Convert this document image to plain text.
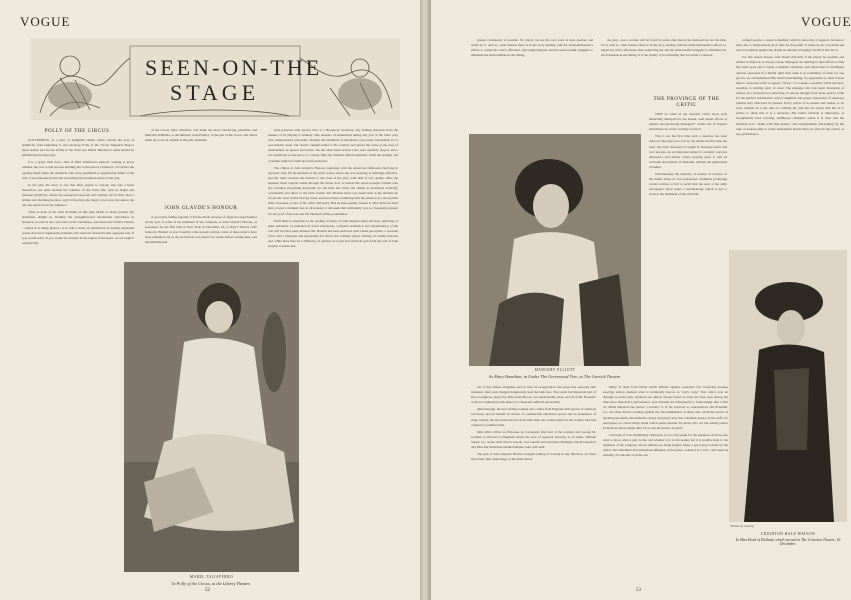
VOGUE
SEEN-ON-THE
STAGE
POLLY OF THE CIRCUS

CLEVERNESS, in a play of delightful charm which sounds the note of simplicity from beginning to end envelops Polly of the Circus, Margaret Mayo's latest drama, and for her ability in the chief role Mabel Taliaferro's name should be emblazoned in large type.

It is a pretty little story—that of Miss Taliaferro's ethereal, waiting to know whether she was to win success entitling her to the honors conferred—for before the opening night when the theatrical clan were assembled to applaud the début of the best, it was announced that she was among the foremost artists of the year.

In the play the story is one that must appeal to anyone who has a heart theretofore not quite resisted the romance of the circus life, with its bright and pleasing simplicity, where the unexpected prevails and nothing can be finer than a simple and charming heroine, a girl of the ring who longs to be loved, devoted to the one she selects from the audience.

There is none of the twist in theme in this play which so many present day dramatists delight in. Nothing but straightforward wholesome naturalness in situation, as well as tale, and when at the conclusion, one leaves the Liberty Theatre—where it is being played—it is with a sense of satisfaction in having witnessed scenes devoid of unpleasant problems and observed characters that appeared real. If you would relax; if you would be warmed in the region of the heart, do not neglect seeing Polly

of the Circus. Miss Taliaferro will make the most convincing, plausible, and Malcolm Williams, as the minister, John Findley, in the part of the clown, and others make up a cast as capable as the play demands.

JOHN GLAYDE'S HONOUR

A good play failing squarely to hit the mark, because of neglected opportunities on the part of some of the members of the company, is John Glayde's Honour, as presented, for the first time in New York on December 24, at Daly's Theatre, with James K. Hackett as star. Possibly at the present writing, some of these defects have been remedied; but as the production was played for weeks before coming here, and undoubtedly had

been prepared with special view to a Broadway reception, any striking deviation from the manner of its playing is unlikely. One measure of enthusiasm during any part of the Sutro play was conspicuously noticeable. Perhaps the smallness of attendance was partly responsible, for it was holiday week, but candor compels belief to the contrary and places the cause at the door of unsteadiness in speech and action. On the other hand several roles were superbly played, and a few situations so enacted as to convey fully the dramatic effects intended, while the settings and costumes reflected credit upon the producers.

The climax of John Glayde's Honour, beginning with the American millionaire hurrying in upon the wife, fill the moment of the artist, whose return she was awaiting, is strikingly effective, and Mr. Sutro sustains the interest to the close of the play, with skill of rare quality. After the moment when Glayde rushes through the studio door to behold the nerve-wrought woman who has forsaken everything honorable for the man she loves, the drama is developed naturally, consistently and direct to the final curtain. Mr. Hackett never was better than at the moment he strode into view in that last big scene, and stood there, trembling with the emotion of a strong man fully conscious, at last, of his wife's disloyalty. Had he been equally natural at other times he must have scored a triumph; but, in all honesty, it did seem that artificiality was too frequently present for the good of the role and Mr. Hackett's fuller possibilities.

Until there is alteration in the reading of many of John Glayde's lines and truer depicting of inner emotions, as indicated in facial expression, complete realization and interpretation of the role will not have been attained. Mr. Hackett has been endowed with a keen perception, a resonant voice and a physique and personality far above the ordinary player striving for stellar honours and, while there may be a difference of opinion as to just how much he gets from the role of John Glayde, it seems that

MABEL TALIAFERRO
In Polly of the Circus, at the Liberty Theatre.
52
VOGUE

greater consistency is possible. No player can see his own work as does another, and while for it. And so, what interest there is in the story dealing with the multi-millionaire's efforts to regain his wife's affections after neglecting her and his unsuccessful struggles to eliminate his environments in the telling.

the play,—but a woman will be loved by some other men if her husband has not the time for it. And so, what interest there is in the story dealing with the multi-millionaire's efforts to regain his wife's affections after neglecting her and his unsuccessful struggles to eliminate his environments in the telling. It is the quality of its unfolding that it is made or marred.

MARGERY ELLIOTT
As Mary Hamilton, in Under The Greenwood Tree, at The Garrick Theatre.
THE PROVINCE OF THE CRITIC

WHY do some of the dramatic critics show such unbending disregard for the honest, well meant efforts of players and producing managers?" writes one of Vogue's subscribers in a letter recently received.

This is not the first time such a question has been asked of this paper, nor is it by any means the first time the topic has been discussed at length in drawing-rooms and over teacups. As an important subject it certainly warrants discussion and further letters bearing upon it will be welcome and printed, if desirable, without the publication of names.

Unfortunately the majority of readers of reviews of the drama either do not understand conditions prompting certain articles or fail to recall that the sum of the daily newspapers labor under a disadvantage which is apt to work to the detriment of the criticism.

out of key almost altogether and as bent on exaggeration and poses that seriously mar moments often were dragged dangerously near the ludicrous. The result, but important part of Dora Longmore, played by Miss Irene Moore, was amateurishly done, and all of Mr. Hackett's work, in conjunction with these two characters suffered necessarily.

Miss Darragh, the new leading woman who comes from England with reports of achieved successes, proved herself an actress of considerable emotional power and an abundance of stage routine, but she made the part look older than one would expect in the woman who had captured a youthful artist.

Miss Olive Oliver as Princesse de Castagnary (the best of the women) and George M. Graham as Howard Collingham struck the note of apparent sincerity at all times. William Sauter, too, as the artist Trevor Lerode, was capable and Lawrence Eddinger, David Glassford and Miss Ida Waterman handled smaller roles with skill.

The plot of John Glayde's Honour brought nothing of novelty in any direction, for there have been other exploitings of the main thread

Many of them form habits which militate against consistent fair reviewing because exacting editors demand what is technically known as "early copy." Few critics ever sit through an entire play. Opinions are almost always based on what has been seen during but little more than half a performance, and criticism not infrequently is forthcoming after a first act which displaces the person "covering" it. If the reviewer is conscientious and ill-health, too, are often factors working against the fair-mindedness of those who wield the power of deciding the merits and demerits of play and player and, last, extended service on the staff of a newspaper too often brings ennui which spells disaster for many who are but asking justice from those whose single duty it is to see that justice is given.

Criticism, if it be legitimately employed, is not only useful for the guidance of those who wish to know what a play is like and whether it is worth seeing, but it is positive help to the members of the company whose abilities are being judged. Many a good play is made by the critics, but sometimes the tremendous influence of the press—where it is a well—and cause its undoing. No amount of praise can

compel people to attend something which is unworthy of support, because it takes but a comparatively short time for the public to make up its own mind and once it is settled against any drama no amount of urgings can lift it into favor.

For this reason honest, well meant criticism, if the player be sensible and wishes to improve, is always a help. Managers are untiring in their efforts to find the weak spots and to better a dramatic situation, and where there is intelligent opinion expressed in a kindly spirit they seize it as something of value for one good to be overestimated. But brutal fault-finding, for apparently no other reason than to cause the writer to appear "clever," or to make a readable article the more readable, is nothing short of cruel. The manager who has spent thousands of dollars on a production is deserving of serious thought from those paid to write for the public's information, and of dignified and proper expression of whatever opinion may afterward be printed. Every player is in earnest and wishes to do well, whether in a star role or a trifling bit, and few are aware that this is in justice to them that it is a necessity. But brutal criticism is imperative. A thoughtlessly hard wording, indifferent comment, where it is clear that the intention is to "damn with faint praise," and unsympathetic fun-poking for the sake of endeavoring to create amusement should have no place in the review of any performance.

Photo by Sarony
CRIGHTON HALE WATSON
In Miss Hook of Holland, which opened at The Criterion Theatre, 30 December.
53
